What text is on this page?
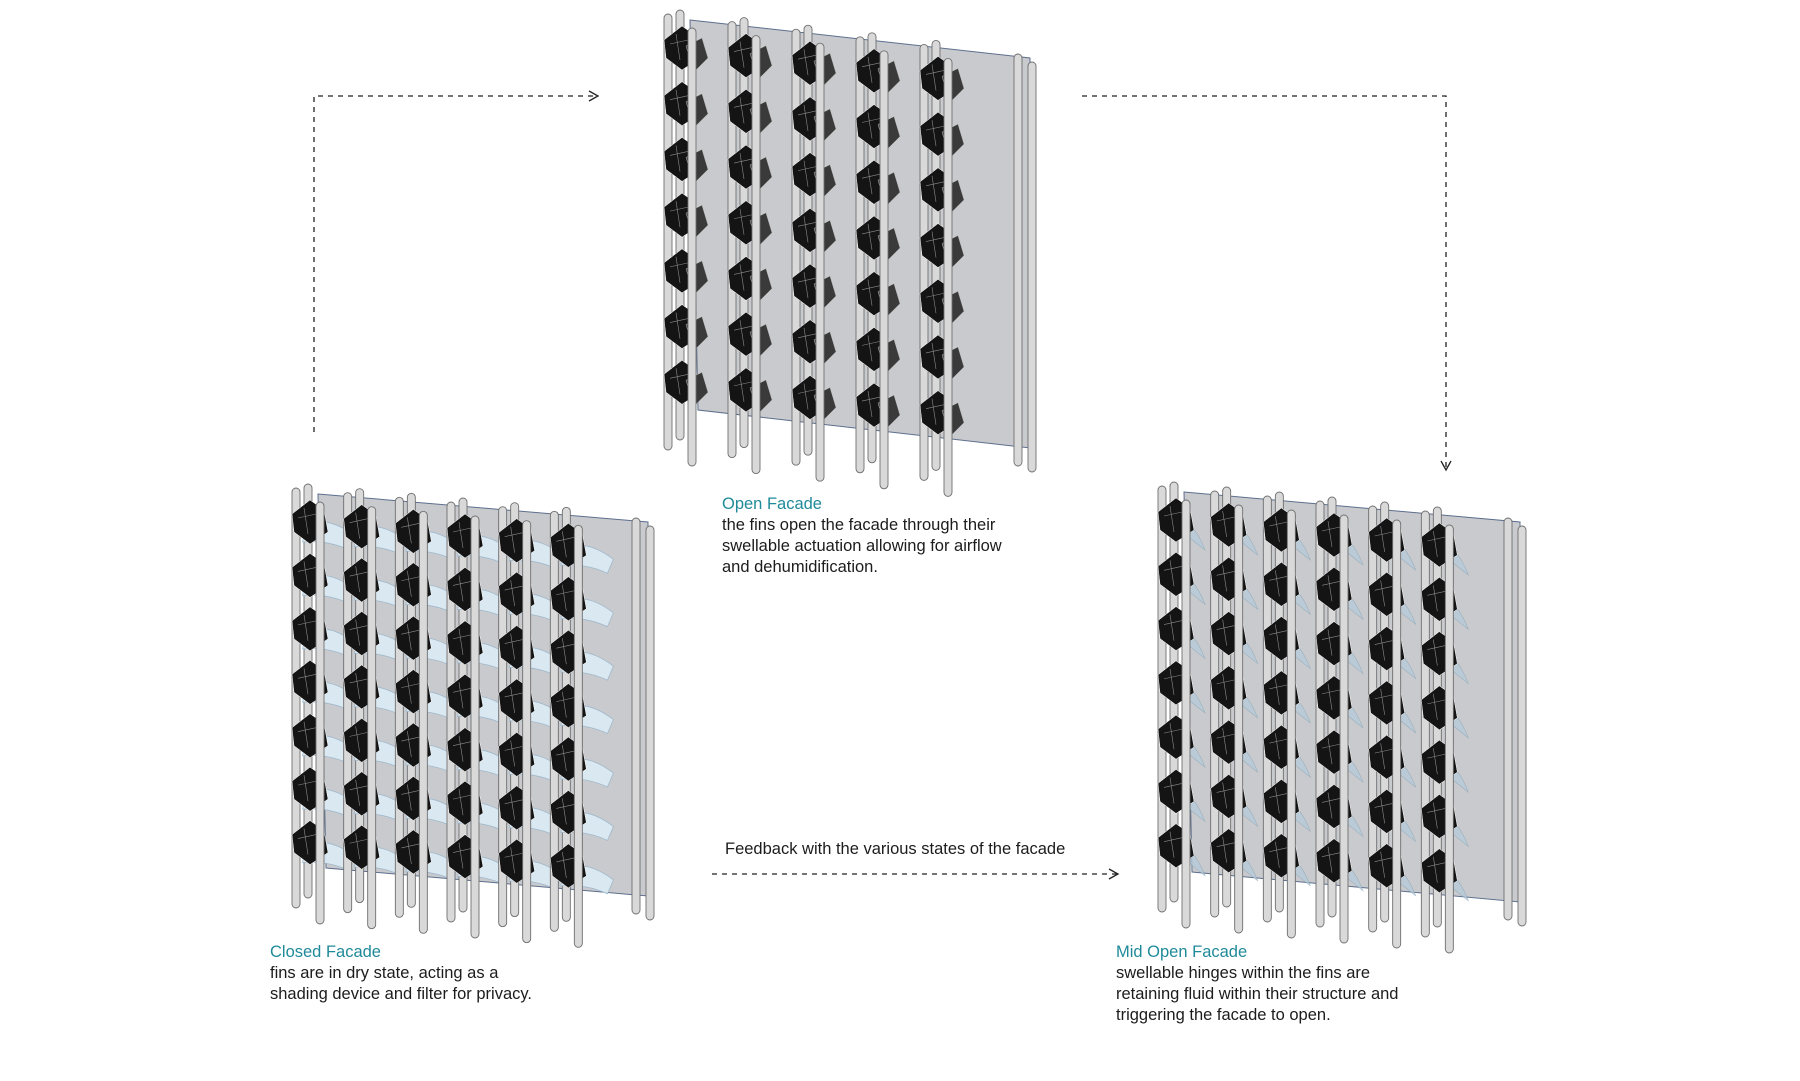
Open Facade
the fins open the facade through their swellable actuation allowing for airflow and dehumidification.
Closed Facade
fins are in dry state, acting as a shading device and filter for privacy.
Mid Open Facade
swellable hinges within the fins are retaining fluid within their structure and triggering the facade to open.
Feedback with the various states of the facade
